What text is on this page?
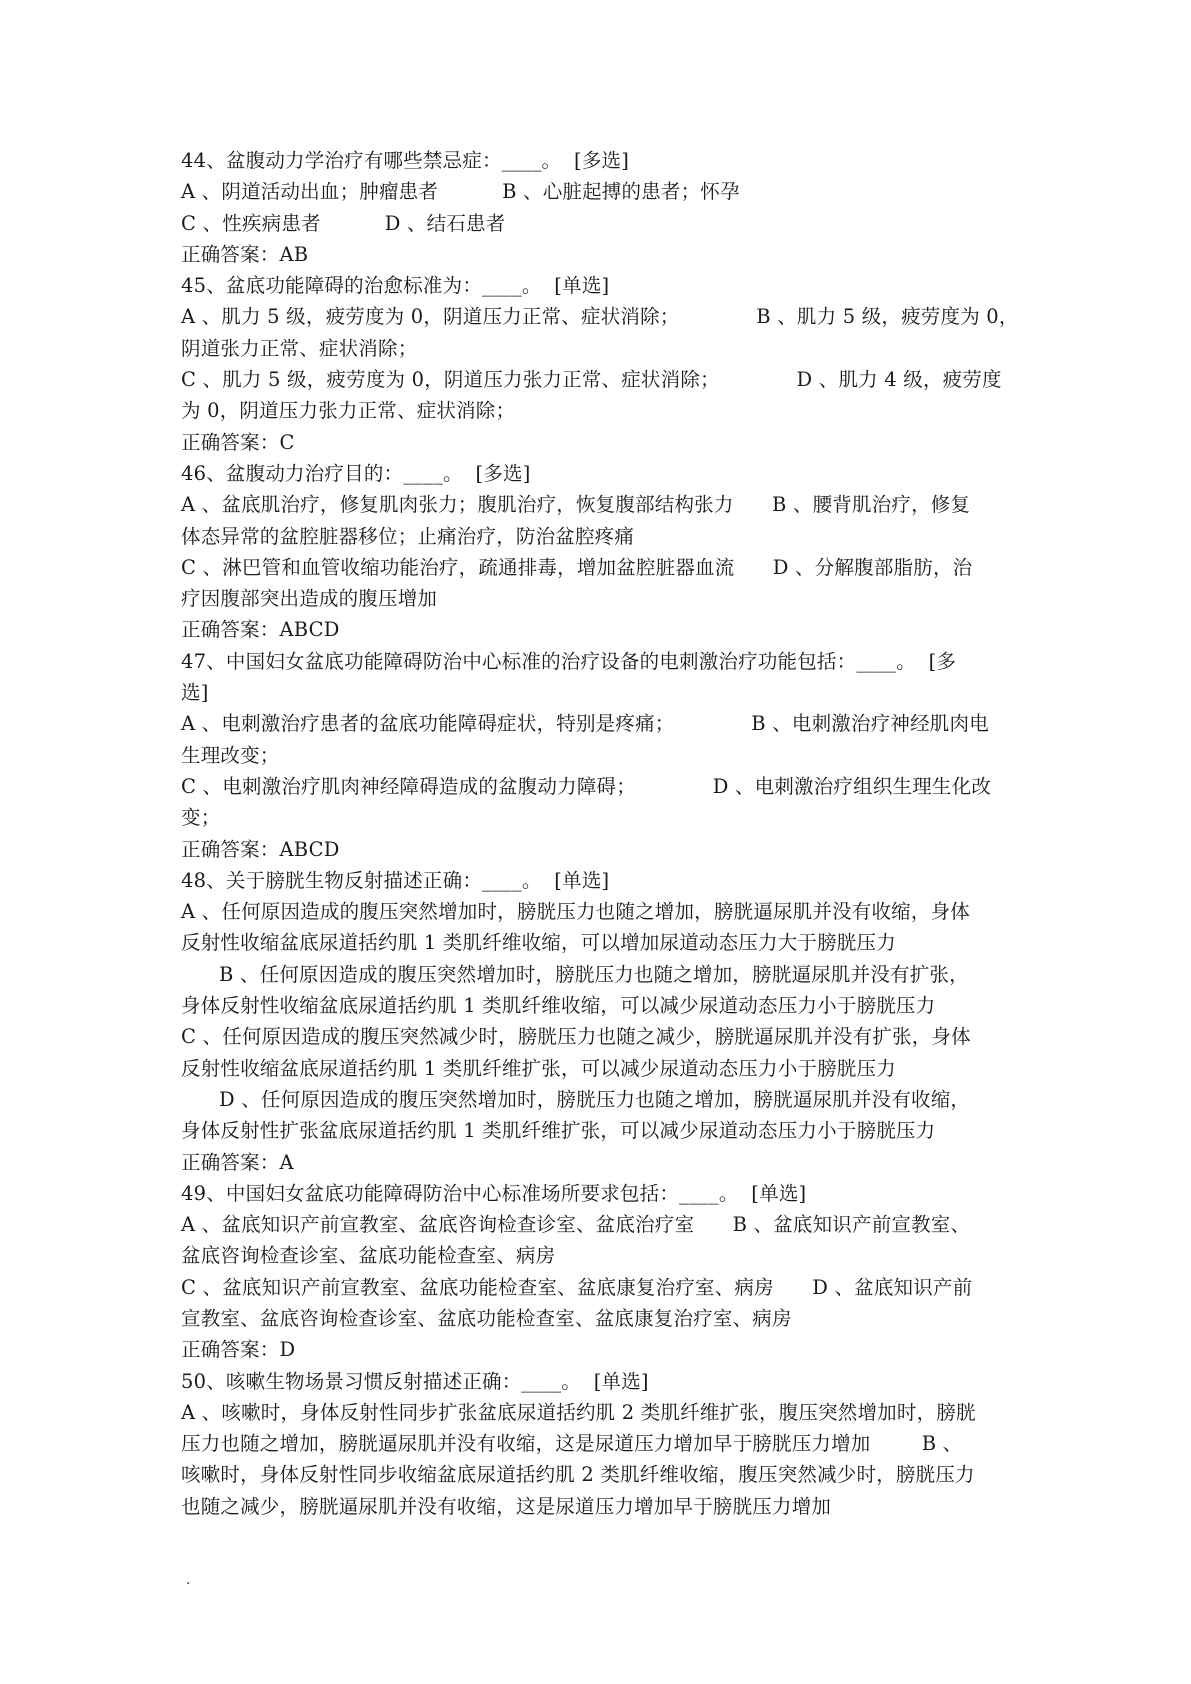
44、盆腹动力学治疗有哪些禁忌症：____。  [多选]
A 、阴道活动出血；肿瘤患者          B 、心脏起搏的患者；怀孕
C 、性疾病患者          D 、结石患者
正确答案：AB
45、盆底功能障碍的治愈标准为：____。  [单选]
A 、肌力 5 级，疲劳度为 0，阴道压力正常、症状消除；            B 、肌力 5 级，疲劳度为 0，
阴道张力正常、症状消除；
C 、肌力 5 级，疲劳度为 0，阴道压力张力正常、症状消除；            D 、肌力 4 级，疲劳度
为 0，阴道压力张力正常、症状消除；
正确答案：C
46、盆腹动力治疗目的：____。  [多选]
A 、盆底肌治疗，修复肌肉张力；腹肌治疗，恢复腹部结构张力      B 、腰背肌治疗，修复
体态异常的盆腔脏器移位；止痛治疗，防治盆腔疼痛
C 、淋巴管和血管收缩功能治疗，疏通排毒，增加盆腔脏器血流      D 、分解腹部脂肪，治
疗因腹部突出造成的腹压增加
正确答案：ABCD
47、中国妇女盆底功能障碍防治中心标准的治疗设备的电刺激治疗功能包括：____。  [多
选]
A 、电刺激治疗患者的盆底功能障碍症状，特别是疼痛；            B 、电刺激治疗神经肌肉电
生理改变；
C 、电刺激治疗肌肉神经障碍造成的盆腹动力障碍；            D 、电刺激治疗组织生理生化改
变；
正确答案：ABCD
48、关于膀胱生物反射描述正确：____。  [单选]
A 、任何原因造成的腹压突然增加时，膀胱压力也随之增加，膀胱逼尿肌并没有收缩，身体
反射性收缩盆底尿道括约肌 1 类肌纤维收缩，可以增加尿道动态压力大于膀胱压力
B 、任何原因造成的腹压突然增加时，膀胱压力也随之增加，膀胱逼尿肌并没有扩张，
身体反射性收缩盆底尿道括约肌 1 类肌纤维收缩，可以减少尿道动态压力小于膀胱压力
C 、任何原因造成的腹压突然减少时，膀胱压力也随之减少，膀胱逼尿肌并没有扩张，身体
反射性收缩盆底尿道括约肌 1 类肌纤维扩张，可以减少尿道动态压力小于膀胱压力
D 、任何原因造成的腹压突然增加时，膀胱压力也随之增加，膀胱逼尿肌并没有收缩，
身体反射性扩张盆底尿道括约肌 1 类肌纤维扩张，可以减少尿道动态压力小于膀胱压力
正确答案：A
49、中国妇女盆底功能障碍防治中心标准场所要求包括：____。  [单选]
A 、盆底知识产前宣教室、盆底咨询检查诊室、盆底治疗室      B 、盆底知识产前宣教室、
盆底咨询检查诊室、盆底功能检查室、病房
C 、盆底知识产前宣教室、盆底功能检查室、盆底康复治疗室、病房      D 、盆底知识产前
宣教室、盆底咨询检查诊室、盆底功能检查室、盆底康复治疗室、病房
正确答案：D
50、咳嗽生物场景习惯反射描述正确：____。  [单选]
A 、咳嗽时，身体反射性同步扩张盆底尿道括约肌 2 类肌纤维扩张，腹压突然增加时，膀胱
压力也随之增加，膀胱逼尿肌并没有收缩，这是尿道压力增加早于膀胱压力增加        B 、
咳嗽时，身体反射性同步收缩盆底尿道括约肌 2 类肌纤维收缩，腹压突然减少时，膀胱压力
也随之减少，膀胱逼尿肌并没有收缩，这是尿道压力增加早于膀胱压力增加
.
